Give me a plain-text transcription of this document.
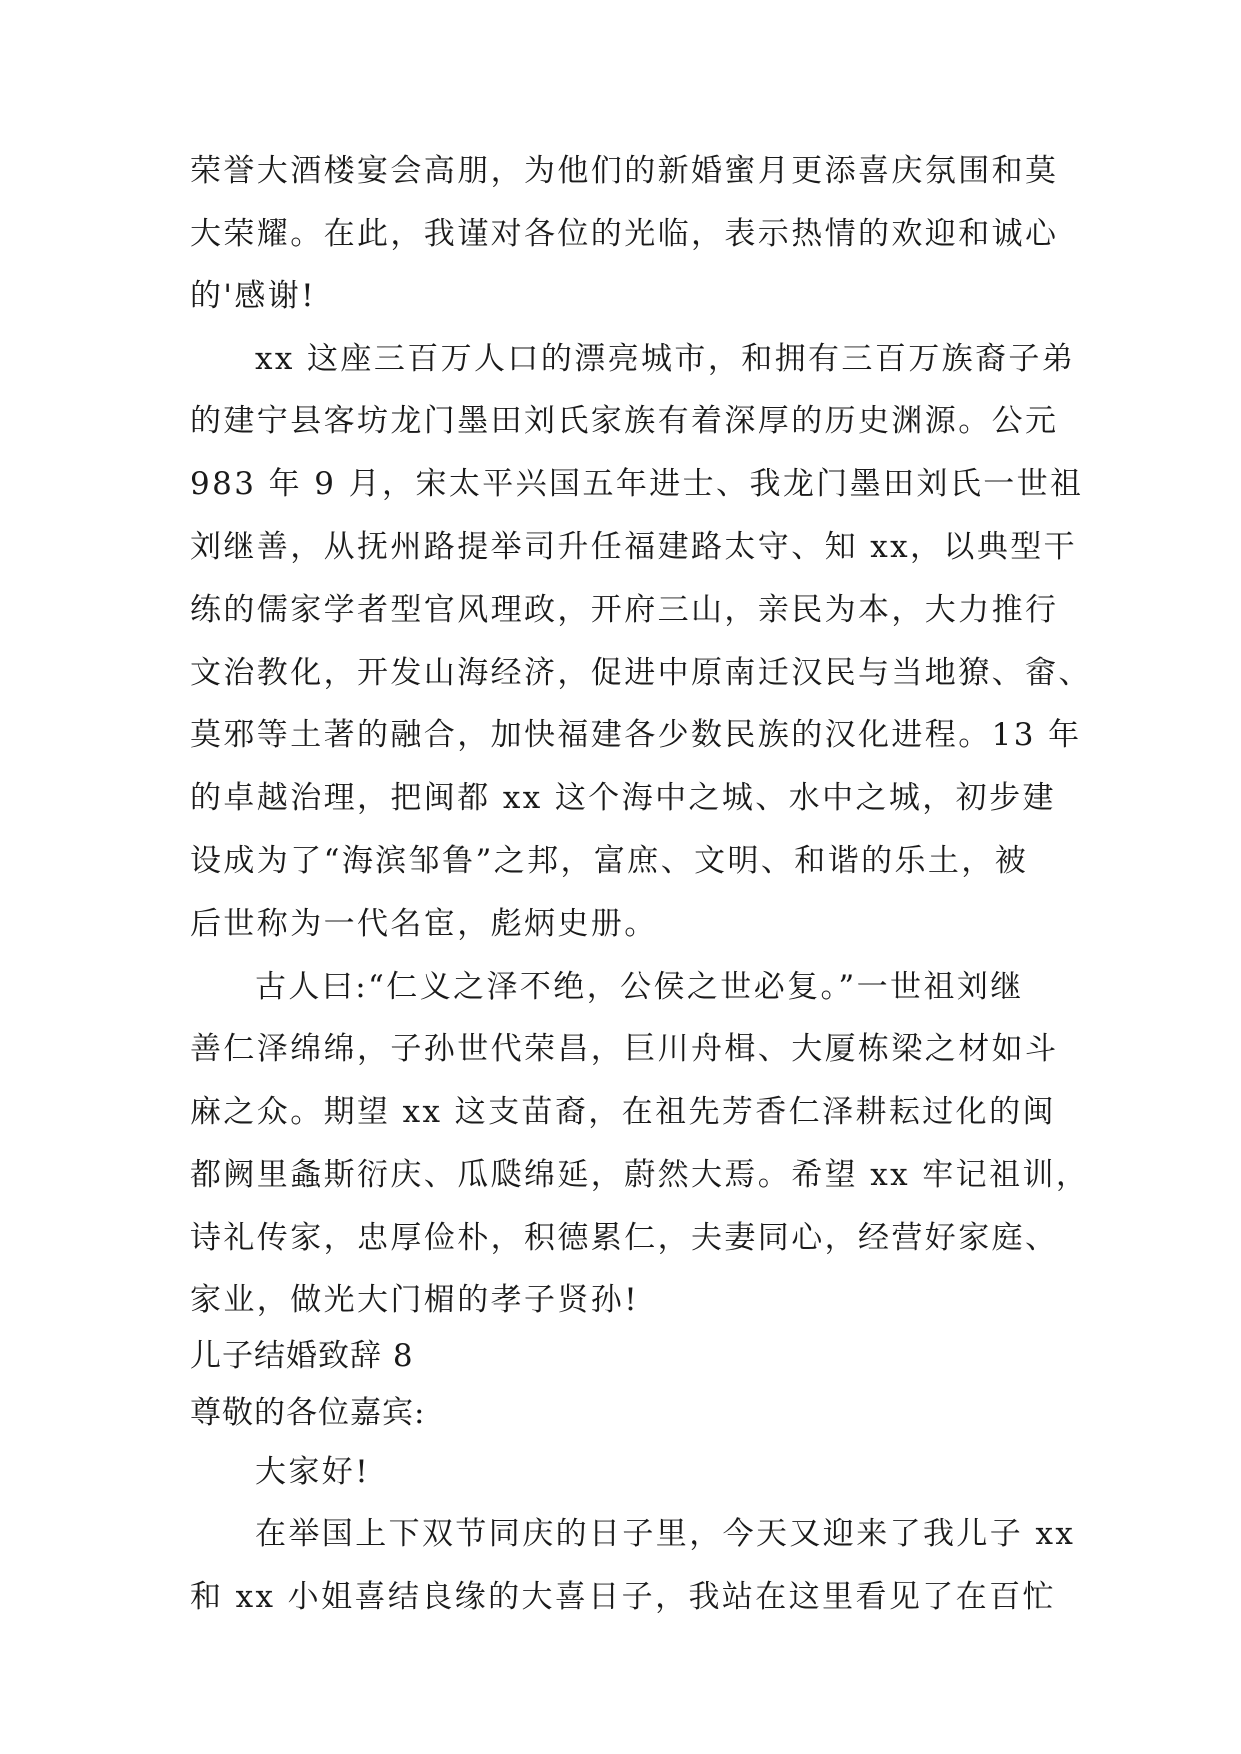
荣誉大酒楼宴会高朋，为他们的新婚蜜月更添喜庆氛围和莫
大荣耀。在此，我谨对各位的光临，表示热情的欢迎和诚心
的'感谢!
xx 这座三百万人口的漂亮城市，和拥有三百万族裔子弟
的建宁县客坊龙门墨田刘氏家族有着深厚的历史渊源。公元
983 年 9 月，宋太平兴国五年进士、我龙门墨田刘氏一世祖
刘继善，从抚州路提举司升任福建路太守、知 xx，以典型干
练的儒家学者型官风理政，开府三山，亲民为本，大力推行
文治教化，开发山海经济，促进中原南迁汉民与当地獠、畲、
莫邪等土著的融合，加快福建各少数民族的汉化进程。13 年
的卓越治理，把闽都 xx 这个海中之城、水中之城，初步建
设成为了“海滨邹鲁”之邦，富庶、文明、和谐的乐土，被
后世称为一代名宦，彪炳史册。
古人曰:“仁义之泽不绝，公侯之世必复。”一世祖刘继
善仁泽绵绵，子孙世代荣昌，巨川舟楫、大厦栋梁之材如斗
麻之众。期望 xx 这支苗裔，在祖先芳香仁泽耕耘过化的闽
都阙里螽斯衍庆、瓜瓞绵延，蔚然大焉。希望 xx 牢记祖训，
诗礼传家，忠厚俭朴，积德累仁，夫妻同心，经营好家庭、
家业，做光大门楣的孝子贤孙!
儿子结婚致辞 8
尊敬的各位嘉宾:
大家好!
在举国上下双节同庆的日子里，今天又迎来了我儿子 xx
和 xx 小姐喜结良缘的大喜日子，我站在这里看见了在百忙
